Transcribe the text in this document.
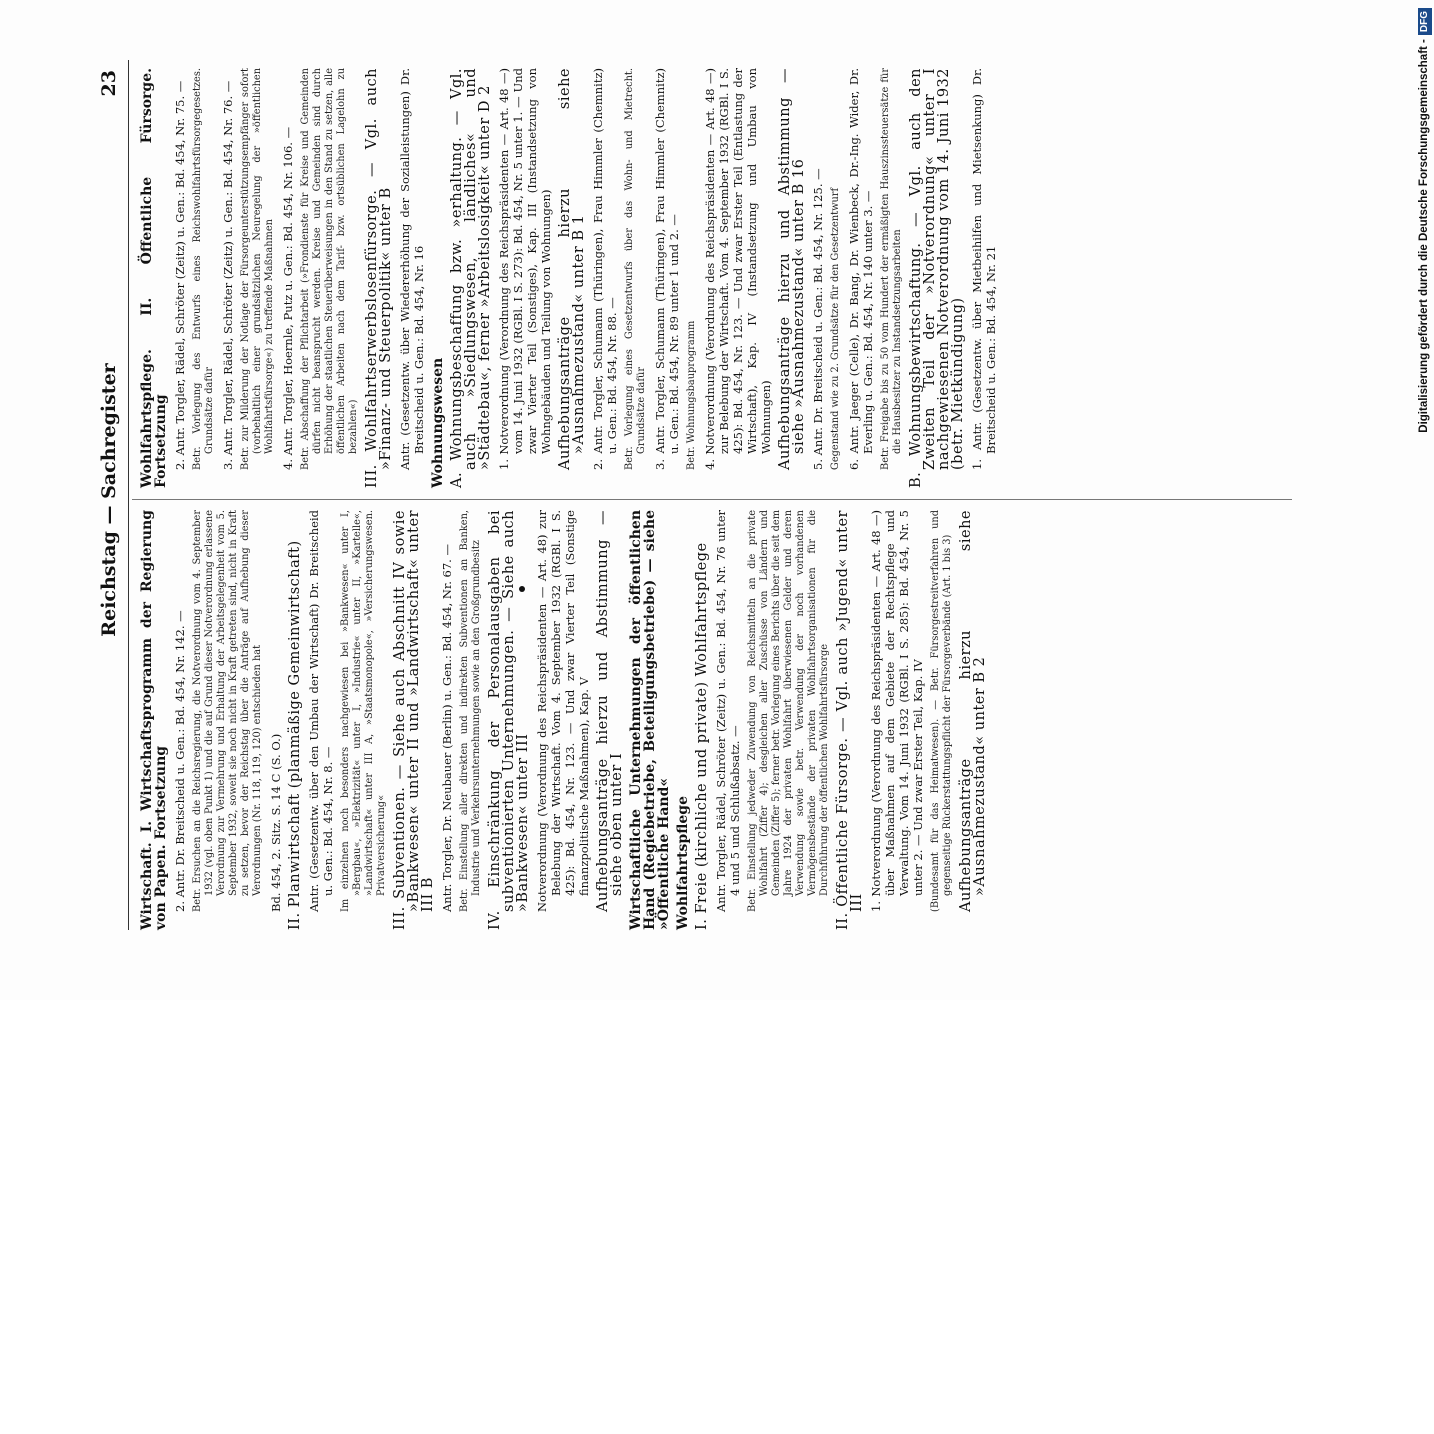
Reichstag — Sachregister
23

Wirtschaft. I. Wirtschaftsprogramm der Regierung von Papen. Fortsetzung 2. Antr. Dr. Breitscheid u. Gen.: Bd. 454, Nr. 142. — Betr. Ersuchen an die Reichsregierung, die Notverordnung vom 4. September 1932 (vgl. oben Punkt 1) und die auf Grund dieser Notverordnung erlassene Verordnung zur Vermehrung und Erhaltung der Arbeitsgelegenheit vom 5. September 1932, soweit sie noch nicht in Kraft getreten sind, nicht in Kraft zu setzen, bevor der Reichstag über die Anträge auf Aufhebung dieser Verordnungen (Nr. 118, 119, 120) entschieden hat Bd. 454, 2. Sitz. S. 14 C (S. O.) II. Planwirtschaft (planmäßige Gemeinwirtschaft) Antr. (Gesetzentw. über den Umbau der Wirtschaft) Dr. Breitscheid u. Gen.: Bd. 454, Nr. 8. — Im einzelnen noch besonders nachgewiesen bei »Bankwesen« unter I, »Bergbau«, »Elektrizität« unter I, »Industrie« unter II, »Kartelle«, »Landwirtschaft« unter III A, »Staatsmonopole«, »Versicherungswesen. Privatversicherung« III. Subventionen. — Siehe auch Abschnitt IV sowie »Bankwesen« unter II und »Landwirtschaft« unter III B Antr. Torgler, Dr. Neubauer (Berlin) u. Gen.: Bd. 454, Nr. 67. — Betr. Einstellung aller direkten und indirekten Subventionen an Banken, Industrie und Verkehrsunternehmungen sowie an den Großgrundbesitz IV. Einschränkung der Personalausgaben bei subventionierten Unternehmungen. — Siehe auch »Bankwesen« unter III Notverordnung (Verordnung des Reichspräsidenten — Art. 48) zur Belebung der Wirtschaft. Vom 4. September 1932 (RGBl. I S. 425): Bd. 454, Nr. 123. — Und zwar Vierter Teil (Sonstige finanzpolitische Maßnahmen), Kap. V Aufhebungsanträge hierzu und Abstimmung — siehe oben unter I Wirtschaftliche Unternehmungen der öffentlichen Hand (Regiebetriebe, Beteiligungsbetriebe) — siehe »Öffentliche Hand« Wohlfahrtspflege I. Freie (kirchliche und private) Wohlfahrtspflege Antr. Torgler, Rädel, Schröter (Zeitz) u. Gen.: Bd. 454, Nr. 76 unter 4 und 5 und Schlußabsatz. — Betr. Einstellung jedweder Zuwendung von Reichsmitteln an die private Wohlfahrt (Ziffer 4); desgleichen aller Zuschüsse von Ländern und Gemeinden (Ziffer 5); ferner betr. Vorlegung eines Berichts über die seit dem Jahre 1924 der privaten Wohlfahrt überwiesenen Gelder und deren Verwendung sowie betr. Verwendung der noch vorhandenen Vermögensbestände der privaten Wohlfahrtsorganisationen für die Durchführung der öffentlichen Wohlfahrtsfürsorge II. Öffentliche Fürsorge. — Vgl. auch »Jugend« unter III 1. Notverordnung (Verordnung des Reichspräsidenten — Art. 48 —) über Maßnahmen auf dem Gebiete der Rechtspflege und Verwaltung. Vom 14. Juni 1932 (RGBl. I S. 285): Bd. 454, Nr. 5 unter 2. — Und zwar Erster Teil, Kap. IV (Bundesamt für das Heimatwesen). — Betr. Fürsorgestreitverfahren und gegenseitige Rückerstattungspflicht der Fürsorgeverbände (Art. 1 bis 3) Aufhebungsanträge hierzu siehe »Ausnahmezustand« unter B 2

Wohlfahrtspflege. II. Öffentliche Fürsorge. Fortsetzung 2. Antr. Torgler, Rädel, Schröter (Zeitz) u. Gen.: Bd. 454, Nr. 75. — Betr. Vorlegung des Entwurfs eines Reichswohlfahrtsfürsorgegesetzes. Grundsätze dafür 3. Antr. Torgler, Rädel, Schröter (Zeitz) u. Gen.: Bd. 454, Nr. 76. — Betr. zur Milderung der Notlage der Fürsorgeunterstützungsempfänger sofort (vorbehaltlich einer grundsätzlichen Neuregelung der »öffentlichen Wohlfahrtsfürsorge«) zu treffende Maßnahmen 4. Antr. Torgler, Hoernle, Putz u. Gen.: Bd. 454, Nr. 106. — Betr. Abschaffung der Pflichtarbeit (»Frondienste für Kreise und Gemeinden dürfen nicht beansprucht werden. Kreise und Gemeinden sind durch Erhöhung der staatlichen Steuerüberweisungen in den Stand zu setzen, alle öffentlichen Arbeiten nach dem Tarif- bzw. ortsüblichen Lagelohn zu bezahlen«) III. Wohlfahrtserwerbslosenfürsorge. — Vgl. auch »Finanz- und Steuerpolitik« unter B Antr. (Gesetzentw. über Wiedererhöhung der Sozialleistungen) Dr. Breitscheid u. Gen.: Bd. 454, Nr. 16 Wohnungswesen A. Wohnungsbeschaffung bzw. »erhaltung. — Vgl. auch »Siedlungswesen, ländliches« und »Städtebau«, ferner »Arbeitslosigkeit« unter D 2 1. Notverordnung (Verordnung des Reichspräsidenten — Art. 48 —) vom 14. Juni 1932 (RGBl. I S. 273): Bd. 454, Nr. 5 unter 1. — Und zwar Vierter Teil (Sonstiges), Kap. III (Instandsetzung von Wohngebäuden und Teilung von Wohnungen) Aufhebungsanträge hierzu siehe »Ausnahmezustand« unter B 1 2. Antr. Torgler, Schumann (Thüringen), Frau Himmler (Chemnitz) u. Gen.: Bd. 454, Nr. 88. — Betr. Vorlegung eines Gesetzentwurfs über das Wohn- und Mietrecht. Grundsätze dafür 3. Antr. Torgler, Schumann (Thüringen), Frau Himmler (Chemnitz) u. Gen.: Bd. 454, Nr. 89 unter 1 und 2. — Betr. Wohnungsbauprogramm 4. Notverordnung (Verordnung des Reichspräsidenten — Art. 48 —) zur Belebung der Wirtschaft. Vom 4. September 1932 (RGBl. I S. 425): Bd. 454, Nr. 123. — Und zwar Erster Teil (Entlastung der Wirtschaft), Kap. IV (Instandsetzung und Umbau von Wohnungen) Aufhebungsanträge hierzu und Abstimmung — siehe »Ausnahmezustand« unter B 16 5. Antr. Dr. Breitscheid u. Gen.: Bd. 454, Nr. 125. — Gegenstand wie zu 2. Grundsätze für den Gesetzentwurf 6. Antr. Jaeger (Celle), Dr. Bang, Dr. Wienbeck, Dr.-Ing. Wider, Dr. Everling u. Gen.: Bd. 454, Nr. 140 unter 3. — Betr. Freigabe bis zu 50 vom Hundert der ermäßigten Hauszinssteuersätze für die Hausbesitzer zu Instandsetzungsarbeiten B. Wohnungsbewirtschaftung. — Vgl. auch den Zweiten Teil der »Notverordnung« unter I nachgewiesenen Notverordnung vom 14. Juni 1932 (betr. Mietkündigung) 1. Antr. (Gesetzentw. über Mietbeihilfen und Mietsenkung) Dr. Breitscheid u. Gen.: Bd. 454, Nr. 21	Digitalisierung gefördert durch die Deutsche Forschungsgemeinschaft -DFG
